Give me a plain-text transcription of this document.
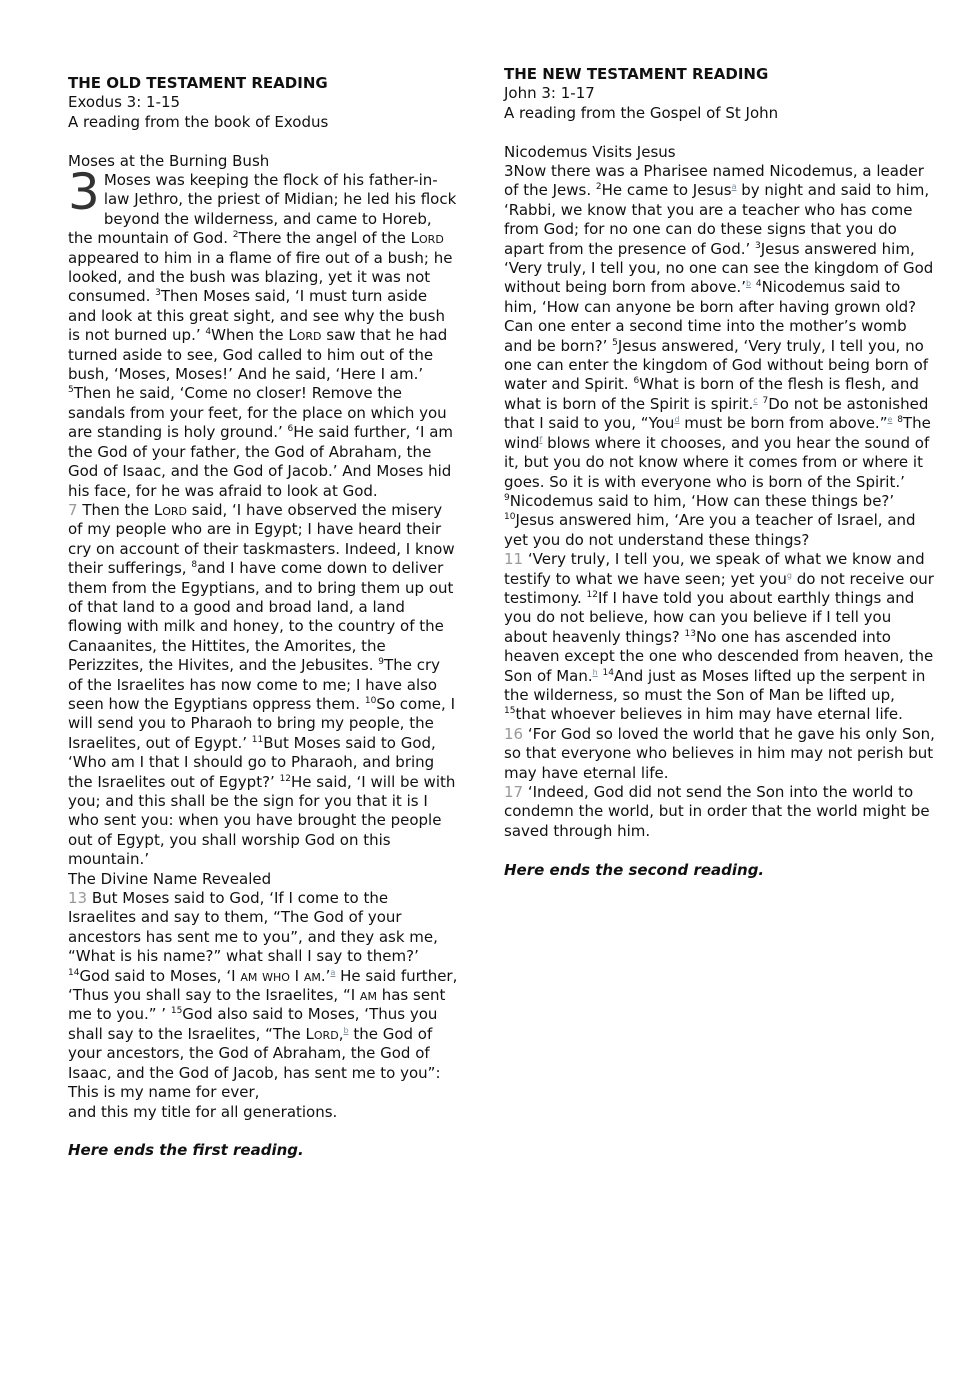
THE OLD TESTAMENT READING

Exodus 3: 1-15

A reading from the book of Exodus

Moses at the Burning Bush

3 Moses was keeping the flock of his father-in-law Jethro, the priest of Midian; he led his flock beyond the wilderness, and came to Horeb, the mountain of God. $^2$There the angel of the Lord appeared to him in a flame of fire out of a bush; he looked, and the bush was blazing, yet it was not consumed. $^3$Then Moses said, ‘I must turn aside and look at this great sight, and see why the bush is not burned up.’ $^4$When the Lord saw that he had turned aside to see, God called to him out of the bush, ‘Moses, Moses!’ And he said, ‘Here I am.’ $^5$Then he said, ‘Come no closer! Remove the sandals from your feet, for the place on which you are standing is holy ground.’ $^6$He said further, ‘I am the God of your father, the God of Abraham, the God of Isaac, and the God of Jacob.’ And Moses hid his face, for he was afraid to look at God.

7 Then the Lord said, ‘I have observed the misery of my people who are in Egypt; I have heard their cry on account of their taskmasters. Indeed, I know their sufferings, $^8$and I have come down to deliver them from the Egyptians, and to bring them up out of that land to a good and broad land, a land flowing with milk and honey, to the country of the Canaanites, the Hittites, the Amorites, the Perizzites, the Hivites, and the Jebusites. $^9$The cry of the Israelites has now come to me; I have also seen how the Egyptians oppress them. $^{10}$So come, I will send you to Pharaoh to bring my people, the Israelites, out of Egypt.’ $^{11}$But Moses said to God, ‘Who am I that I should go to Pharaoh, and bring the Israelites out of Egypt?’ $^{12}$He said, ‘I will be with you; and this shall be the sign for you that it is I who sent you: when you have brought the people out of Egypt, you shall worship God on this mountain.’

The Divine Name Revealed

13 But Moses said to God, ‘If I come to the Israelites and say to them, “The God of your ancestors has sent me to you”, and they ask me, “What is his name?” what shall I say to them?’ $^{14}$God said to Moses, ‘I am who I am.’$^a$ He said further, ‘Thus you shall say to the Israelites, “I am has sent me to you.” ’ $^{15}$God also said to Moses, ‘Thus you shall say to the Israelites, “The Lord,$^b$ the God of your ancestors, the God of Abraham, the God of Isaac, and the God of Jacob, has sent me to you”:

This is my name for ever,

and this my title for all generations.

Here ends the first reading.

THE NEW TESTAMENT READING

John 3: 1-17

A reading from the Gospel of St John

Nicodemus Visits Jesus

3Now there was a Pharisee named Nicodemus, a leader of the Jews. $^2$He came to Jesus$^a$ by night and said to him, ‘Rabbi, we know that you are a teacher who has come from God; for no one can do these signs that you do apart from the presence of God.’ $^3$Jesus answered him, ‘Very truly, I tell you, no one can see the kingdom of God without being born from above.’$^b$ $^4$Nicodemus said to him, ‘How can anyone be born after having grown old? Can one enter a second time into the mother’s womb and be born?’ $^5$Jesus answered, ‘Very truly, I tell you, no one can enter the kingdom of God without being born of water and Spirit. $^6$What is born of the flesh is flesh, and what is born of the Spirit is spirit.$^c$ $^7$Do not be astonished that I said to you, “You$^d$ must be born from above.”$^e$ $^8$The wind$^f$ blows where it chooses, and you hear the sound of it, but you do not know where it comes from or where it goes. So it is with everyone who is born of the Spirit.’ $^9$Nicodemus said to him, ‘How can these things be?’ $^{10}$Jesus answered him, ‘Are you a teacher of Israel, and yet you do not understand these things?

11 ‘Very truly, I tell you, we speak of what we know and testify to what we have seen; yet you$^g$ do not receive our testimony. $^{12}$If I have told you about earthly things and you do not believe, how can you believe if I tell you about heavenly things? $^{13}$No one has ascended into heaven except the one who descended from heaven, the Son of Man.$^h$ $^{14}$And just as Moses lifted up the serpent in the wilderness, so must the Son of Man be lifted up, $^{15}$that whoever believes in him may have eternal life.

16 ‘For God so loved the world that he gave his only Son, so that everyone who believes in him may not perish but may have eternal life.

17 ‘Indeed, God did not send the Son into the world to condemn the world, but in order that the world might be saved through him.

Here ends the second reading.
